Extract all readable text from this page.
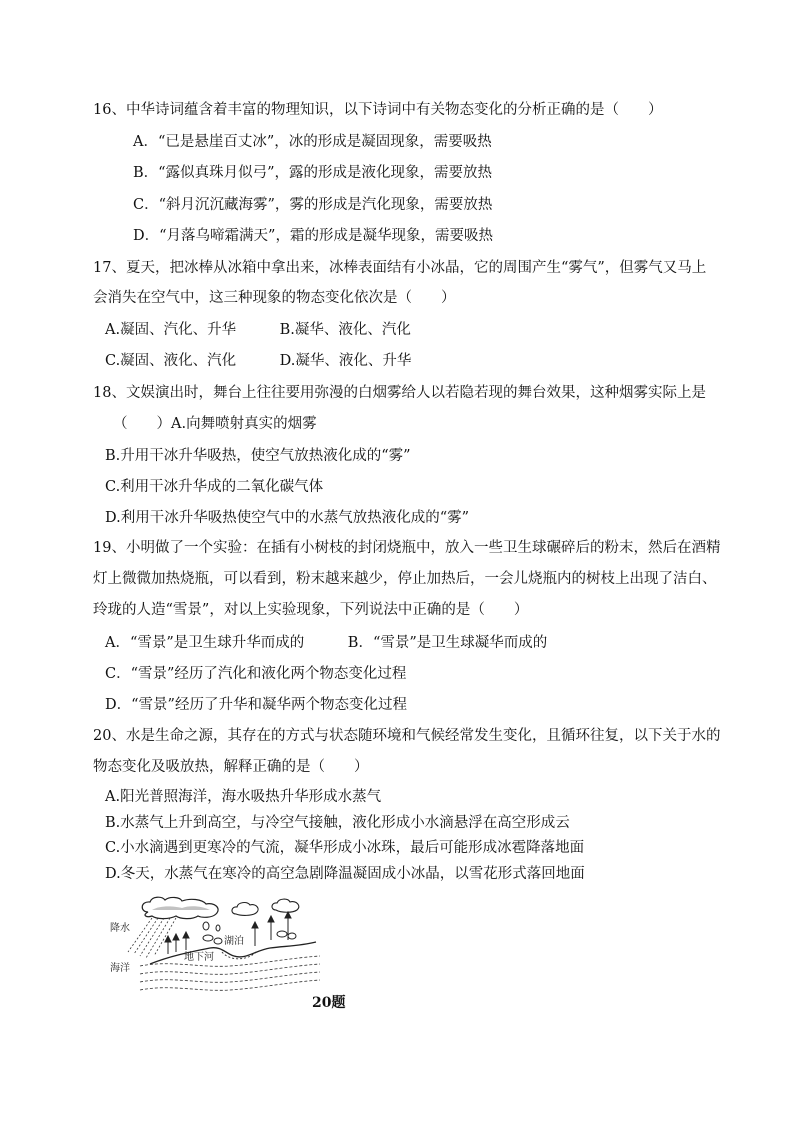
16、中华诗词蕴含着丰富的物理知识，以下诗词中有关物态变化的分析正确的是（　　）
A．“已是悬崖百丈冰”，冰的形成是凝固现象，需要吸热
B．“露似真珠月似弓”，露的形成是液化现象，需要放热
C．“斜月沉沉藏海雾”，雾的形成是汽化现象，需要放热
D．“月落乌啼霜满天”，霜的形成是凝华现象，需要吸热
17、夏天，把冰棒从冰箱中拿出来，冰棒表面结有小冰晶，它的周围产生“雾气”，但雾气又马上
会消失在空气中，这三种现象的物态变化依次是（　　）
A.凝固、汽化、升华　　　B.凝华、液化、汽化
C.凝固、液化、汽化　　　D.凝华、液化、升华
18、文娱演出时，舞台上往往要用弥漫的白烟雾给人以若隐若现的舞台效果，这种烟雾实际上是
（　　）A.向舞喷射真实的烟雾
B.升用干冰升华吸热，使空气放热液化成的“雾”
C.利用干冰升华成的二氧化碳气体
D.利用干冰升华吸热使空气中的水蒸气放热液化成的“雾”
19、小明做了一个实验：在插有小树枝的封闭烧瓶中，放入一些卫生球碾碎后的粉末，然后在酒精
灯上微微加热烧瓶，可以看到，粉末越来越少，停止加热后，一会儿烧瓶内的树枝上出现了洁白、
玲珑的人造“雪景”，对以上实验现象，下列说法中正确的是（　　）
A．“雪景”是卫生球升华而成的　　　B．“雪景”是卫生球凝华而成的
C．“雪景”经历了汽化和液化两个物态变化过程
D．“雪景”经历了升华和凝华两个物态变化过程
20、水是生命之源，其存在的方式与状态随环境和气候经常发生变化，且循环往复，以下关于水的
物态变化及吸放热，解释正确的是（　　）
A.阳光普照海洋，海水吸热升华形成水蒸气
B.水蒸气上升到高空，与冷空气接触，液化形成小水滴悬浮在高空形成云
C.小水滴遇到更寒冷的气流，凝华形成小冰珠，最后可能形成冰雹降落地面
D.冬天，水蒸气在寒冷的高空急剧降温凝固成小冰晶，以雪花形式落回地面
降水
湖泊
海洋
地下河
20题
